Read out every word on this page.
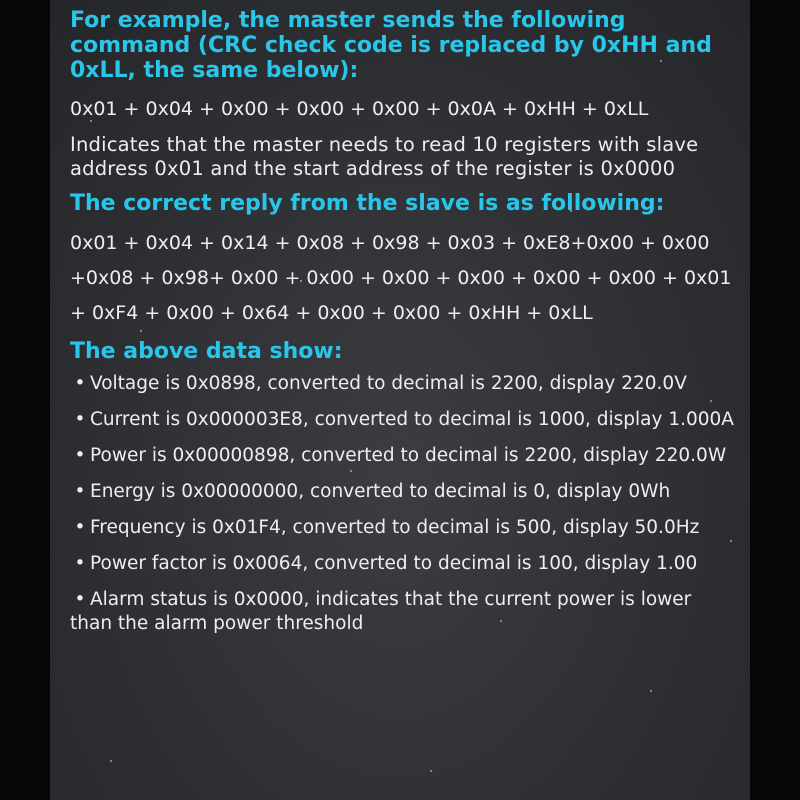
For example, the master sends the following command (CRC check code is replaced by 0xHH and 0xLL, the same below):

0x01 + 0x04 + 0x00 + 0x00 + 0x00 + 0x0A + 0xHH + 0xLL

Indicates that the master needs to read 10 registers with slave address 0x01 and the start address of the register is 0x0000

The correct reply from the slave is as following:

0x01 + 0x04 + 0x14 + 0x08 + 0x98 + 0x03 + 0xE8+0x00 + 0x00

+0x08 + 0x98+ 0x00 + 0x00 + 0x00 + 0x00 + 0x00 + 0x00 + 0x01

+ 0xF4 + 0x00 + 0x64 + 0x00 + 0x00 + 0xHH + 0xLL

The above data show:

• Voltage is 0x0898, converted to decimal is 2200, display 220.0V

• Current is 0x000003E8, converted to decimal is 1000, display 1.000A

• Power is 0x00000898, converted to decimal is 2200, display 220.0W

• Energy is 0x00000000, converted to decimal is 0, display 0Wh

• Frequency is 0x01F4, converted to decimal is 500, display 50.0Hz

• Power factor is 0x0064, converted to decimal is 100, display 1.00

• Alarm status is 0x0000, indicates that the current power is lower than the alarm power threshold
